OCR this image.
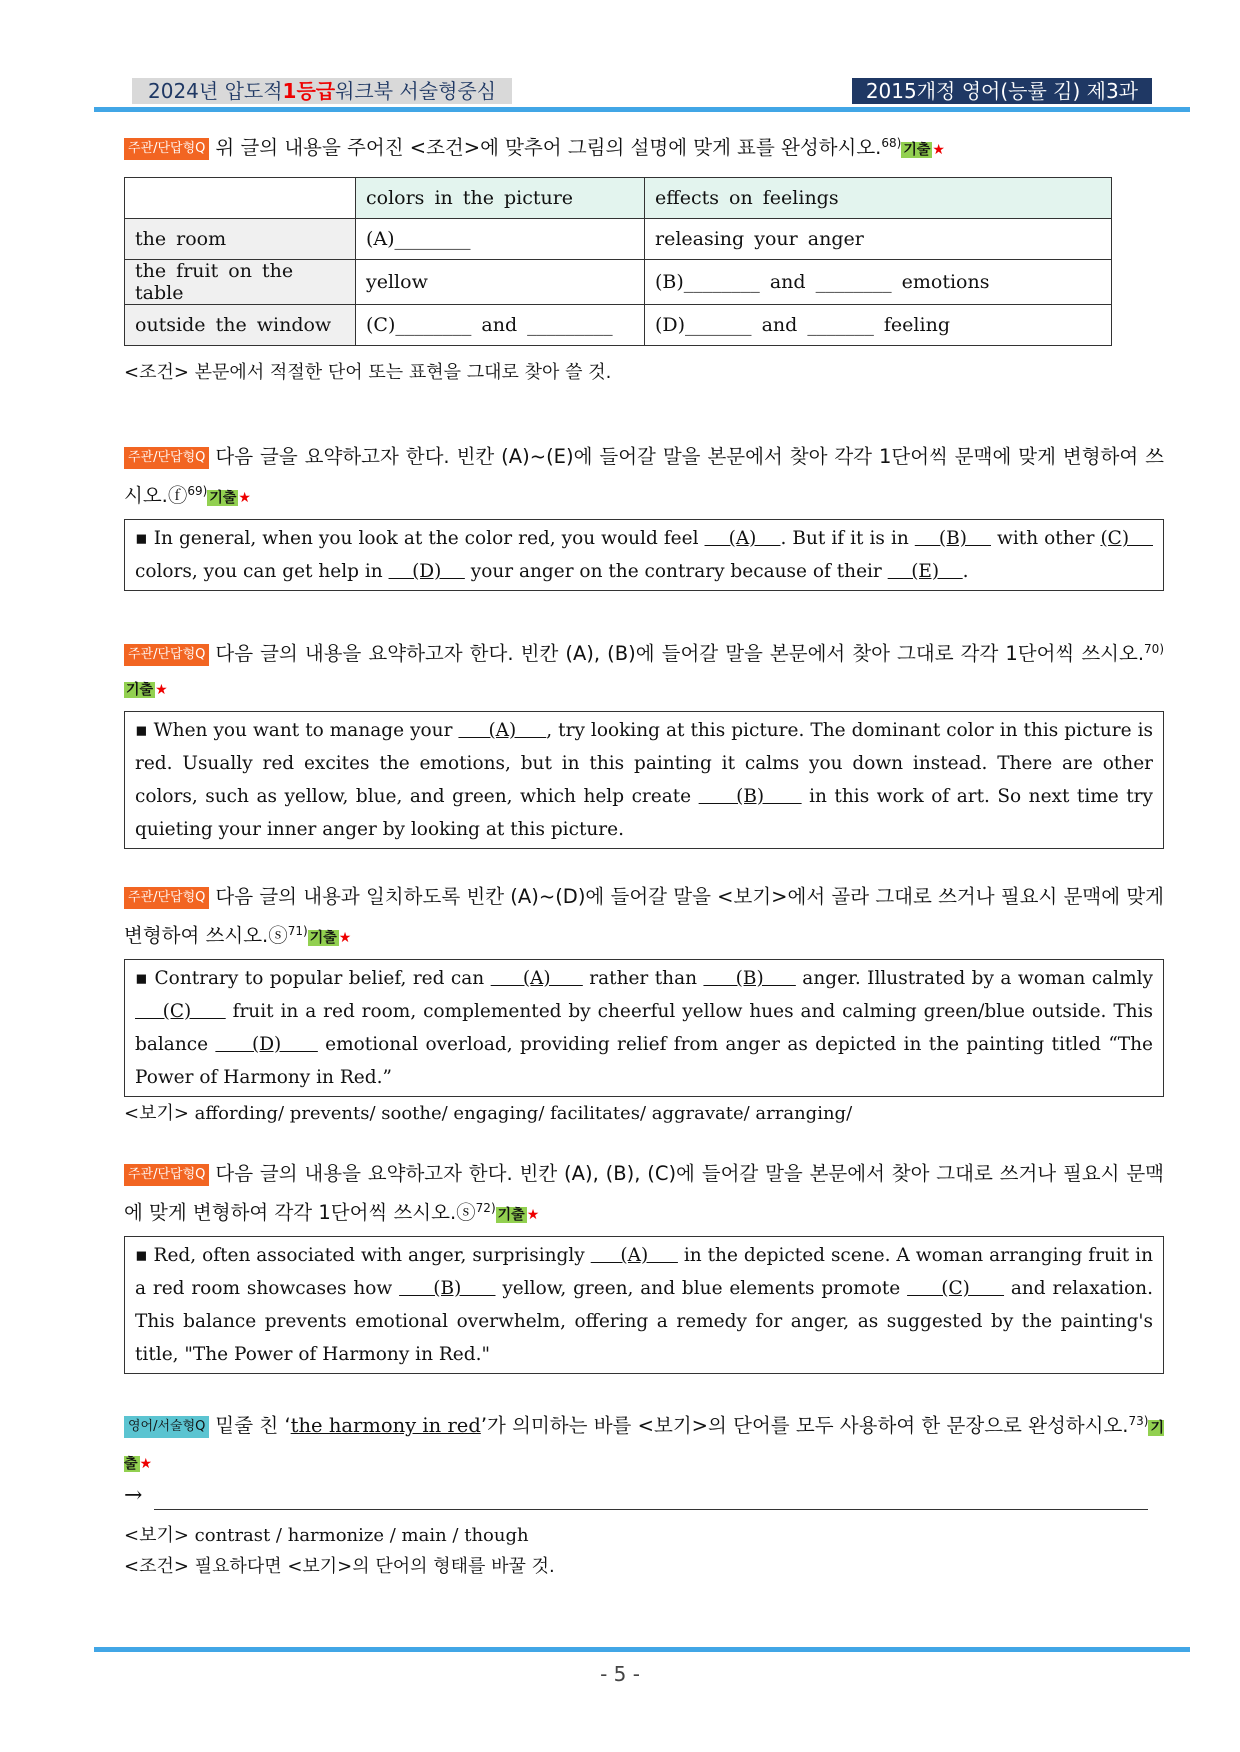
2024년 압도적1등급워크북 서술형중심	2015개정 영어(능률 김) 제3과
주관/단답형Q 위 글의 내용을 주어진 <조건>에 맞추어 그림의 설명에 맞게 표를 완성하시오.$^{68)}$ 기출 ★
	colors in the picture	effects on feelings
the room	(A)________	releasing your anger
the fruit on the table	yellow	(B)________ and ________ emotions
outside the window	(C)________ and _________	(D)_______ and _______ feeling
<조건> 본문에서 적절한 단어 또는 표현을 그대로 찾아 쓸 것.
주관/단답형Q 다음 글을 요약하고자 한다. 빈칸 (A)~(E)에 들어갈 말을 본문에서 찾아 각각 1단어씩 문맥에 맞게 변형하여 쓰시오.ⓕ$^{69)}$ 기출 ★
▪ In general, when you look at the color red, you would feel     (A)    . But if it is in     (B)     with other (C)     colors, you can get help in     (D)     your anger on the contrary because of their     (E)    .
주관/단답형Q 다음 글의 내용을 요약하고자 한다. 빈칸 (A), (B)에 들어갈 말을 본문에서 찾아 그대로 각각 1단어씩 쓰시오.$^{70)}$기출 ★
▪ When you want to manage your      (A)     , try looking at this picture. The dominant color in this picture is red. Usually red excites the emotions, but in this painting it calms you down instead. There are other colors, such as yellow, blue, and green, which help create      (B)      in this work of art. So next time try quieting your inner anger by looking at this picture.
주관/단답형Q 다음 글의 내용과 일치하도록 빈칸 (A)~(D)에 들어갈 말을 <보기>에서 골라 그대로 쓰거나 필요시 문맥에 맞게 변형하여 쓰시오.ⓢ$^{71)}$ 기출 ★
▪ Contrary to popular belief, red can      (A)      rather than      (B)      anger. Illustrated by a woman calmly     (C)      fruit in a red room, complemented by cheerful yellow hues and calming green/blue outside. This balance      (D)      emotional overload, providing relief from anger as depicted in the painting titled “The Power of Harmony in Red.”
<보기> affording/ prevents/ soothe/ engaging/ facilitates/ aggravate/ arranging/
주관/단답형Q 다음 글의 내용을 요약하고자 한다. 빈칸 (A), (B), (C)에 들어갈 말을 본문에서 찾아 그대로 쓰거나 필요시 문맥에 맞게 변형하여 각각 1단어씩 쓰시오.ⓢ$^{72)}$ 기출 ★
▪ Red, often associated with anger, surprisingly      (A)      in the depicted scene. A woman arranging fruit in a red room showcases how      (B)      yellow, green, and blue elements promote      (C)      and relaxation. This balance prevents emotional overwhelm, offering a remedy for anger, as suggested by the painting's title, "The Power of Harmony in Red."
영어/서술형Q 밑줄 친 ‘the harmony in red’가 의미하는 바를 <보기>의 단어를 모두 사용하여 한 문장으로 완성하시오.$^{73)}$ 기출 ★
→
<보기> contrast / harmonize / main / though
<조건> 필요하다면 <보기>의 단어의 형태를 바꿀 것.
- 5 -
